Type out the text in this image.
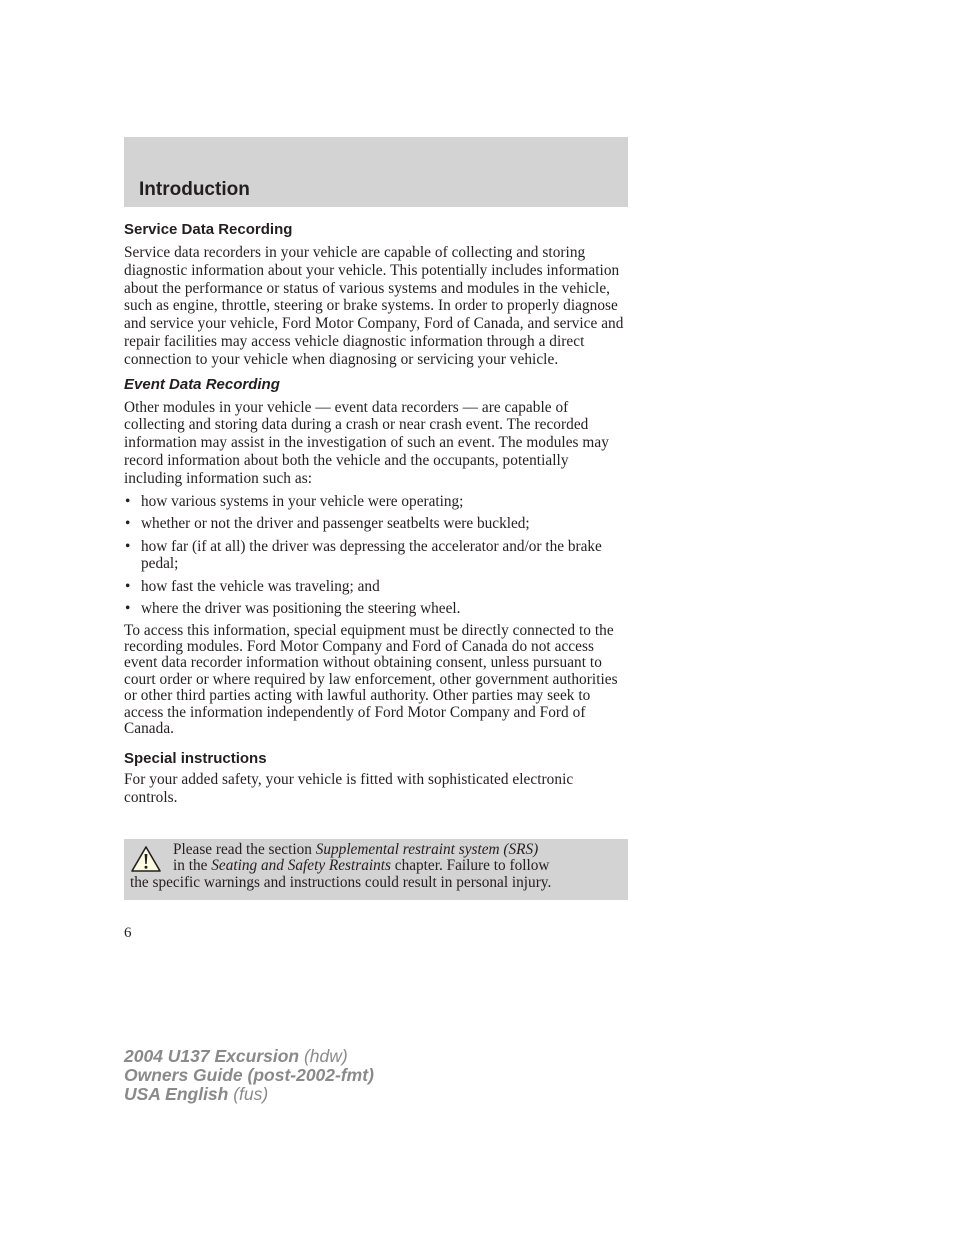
Introduction
Service Data Recording

Service data recorders in your vehicle are capable of collecting and storing diagnostic information about your vehicle. This potentially includes information about the performance or status of various systems and modules in the vehicle, such as engine, throttle, steering or brake systems. In order to properly diagnose and service your vehicle, Ford Motor Company, Ford of Canada, and service and repair facilities may access vehicle diagnostic information through a direct connection to your vehicle when diagnosing or servicing your vehicle.

Event Data Recording

Other modules in your vehicle — event data recorders — are capable of collecting and storing data during a crash or near crash event. The recorded information may assist in the investigation of such an event. The modules may record information about both the vehicle and the occupants, potentially including information such as:

• how various systems in your vehicle were operating;
• whether or not the driver and passenger seatbelts were buckled;
• how far (if at all) the driver was depressing the accelerator and/or the brake pedal;
• how fast the vehicle was traveling; and
• where the driver was positioning the steering wheel.

To access this information, special equipment must be directly connected to the recording modules. Ford Motor Company and Ford of Canada do not access event data recorder information without obtaining consent, unless pursuant to court order or where required by law enforcement, other government authorities or other third parties acting with lawful authority. Other parties may seek to access the information independently of Ford Motor Company and Ford of Canada.

Special instructions

For your added safety, your vehicle is fitted with sophisticated electronic controls.

Please read the section Supplemental restraint system (SRS)
in the Seating and Safety Restraints chapter. Failure to follow
the specific warnings and instructions could result in personal injury.
6
2004 U137 Excursion (hdw)
Owners Guide (post-2002-fmt)
USA English (fus)
